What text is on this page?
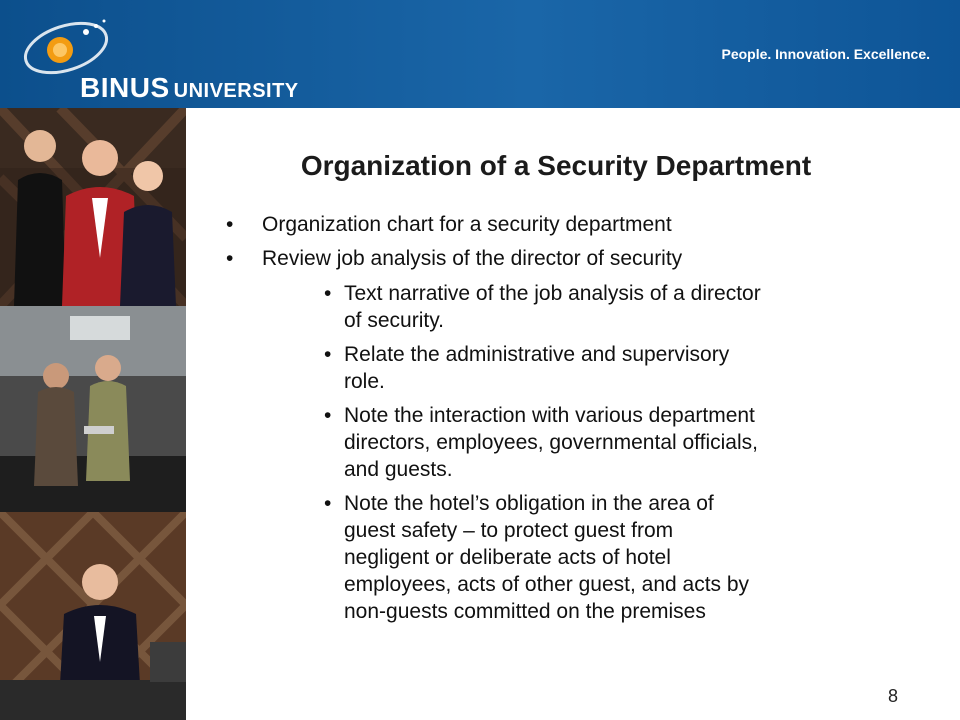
BINUS UNIVERSITY
People. Innovation. Excellence.
Organization of a Security Department
• Organization chart for a security department
• Review job analysis of the director of security
• Text narrative of the job analysis of a director of security.
• Relate the administrative and supervisory role.
• Note the interaction with various department directors, employees, governmental officials, and guests.
• Note the hotel’s obligation in the area of guest safety – to protect guest from negligent or deliberate acts of hotel employees, acts of other guest, and acts by non-guests committed on the premises
8
